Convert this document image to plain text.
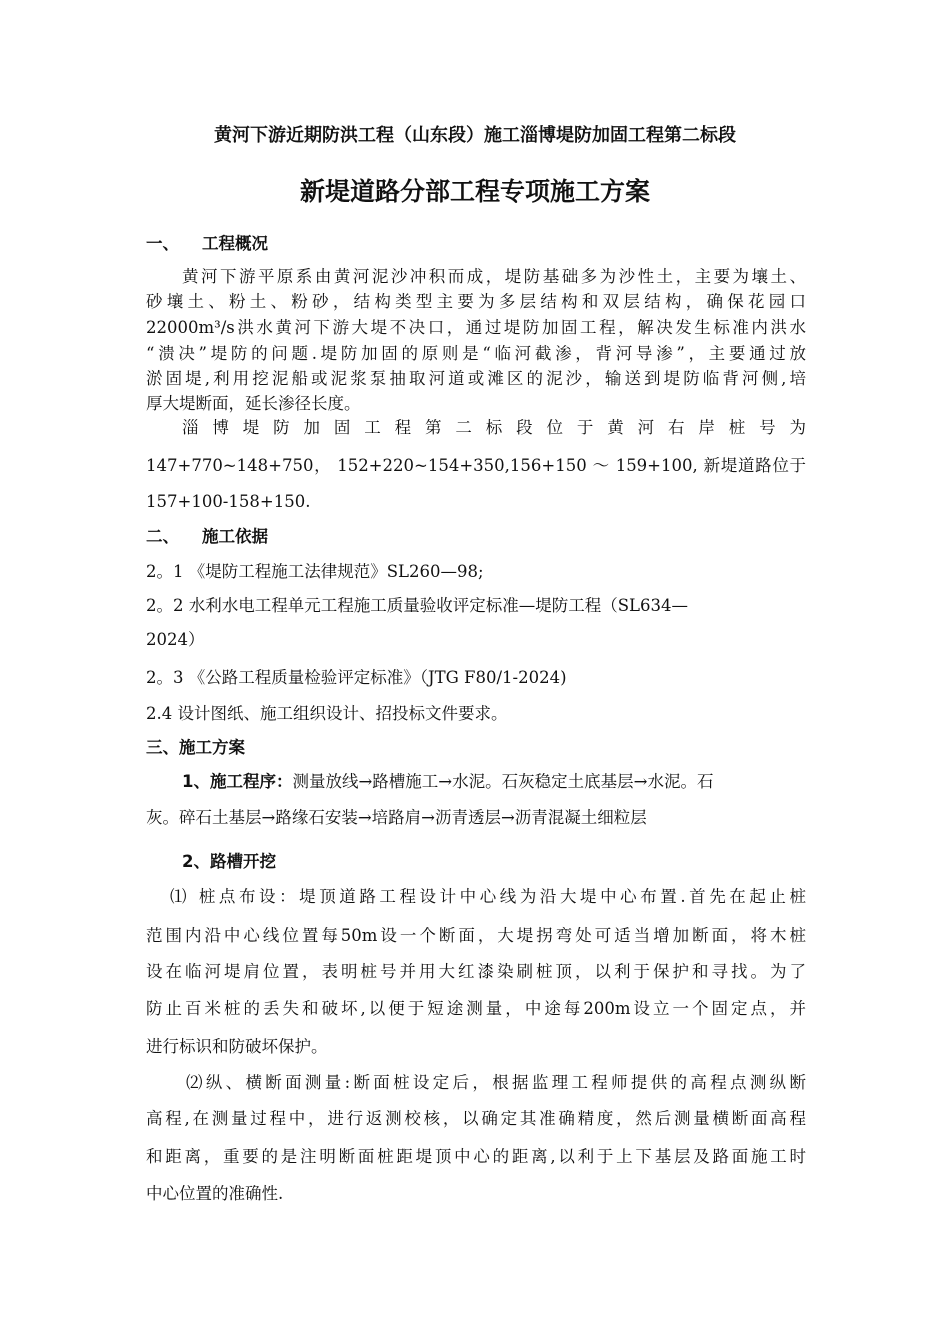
黄河下游近期防洪工程（山东段）施工淄博堤防加固工程第二标段
新堤道路分部工程专项施工方案
一、 工程概况
黄河下游平原系由黄河泥沙冲积而成，堤防基础多为沙性土，主要为壤土、
砂壤土、粉土、粉砂，结构类型主要为多层结构和双层结构，确保花园口
22000m³/s洪水黄河下游大堤不决口，通过堤防加固工程，解决发生标准内洪水
“溃决”堤防的问题.堤防加固的原则是“临河截渗，背河导渗”，主要通过放
淤固堤,利用挖泥船或泥浆泵抽取河道或滩区的泥沙，输送到堤防临背河侧,培
厚大堤断面，延长渗径长度。
淄博堤防加固工程第二标段位于黄河右岸桩号为
147+770~148+750， 152+220~154+350,156+150 ～ 159+100, 新堤道路位于
157+100-158+150.
二、 施工依据
2。1 《堤防工程施工法律规范》SL260—98;
2。2 水利水电工程单元工程施工质量验收评定标准—堤防工程（SL634—
2024）
2。3 《公路工程质量检验评定标准》（JTG F80/1-2024)
2.4 设计图纸、施工组织设计、招投标文件要求。
三、施工方案
1、施工程序：测量放线→路槽施工→水泥。石灰稳定土底基层→水泥。石
灰。碎石土基层→路缘石安装→培路肩→沥青透层→沥青混凝土细粒层
2、路槽开挖
⑴ 桩点布设：堤顶道路工程设计中心线为沿大堤中心布置.首先在起止桩
范围内沿中心线位置每50m设一个断面，大堤拐弯处可适当增加断面，将木桩
设在临河堤肩位置，表明桩号并用大红漆染刷桩顶，以利于保护和寻找。为了
防止百米桩的丢失和破坏,以便于短途测量，中途每200m设立一个固定点，并
进行标识和防破坏保护。
⑵纵、横断面测量:断面桩设定后，根据监理工程师提供的高程点测纵断
高程,在测量过程中，进行返测校核，以确定其准确精度，然后测量横断面高程
和距离，重要的是注明断面桩距堤顶中心的距离,以利于上下基层及路面施工时
中心位置的准确性.
